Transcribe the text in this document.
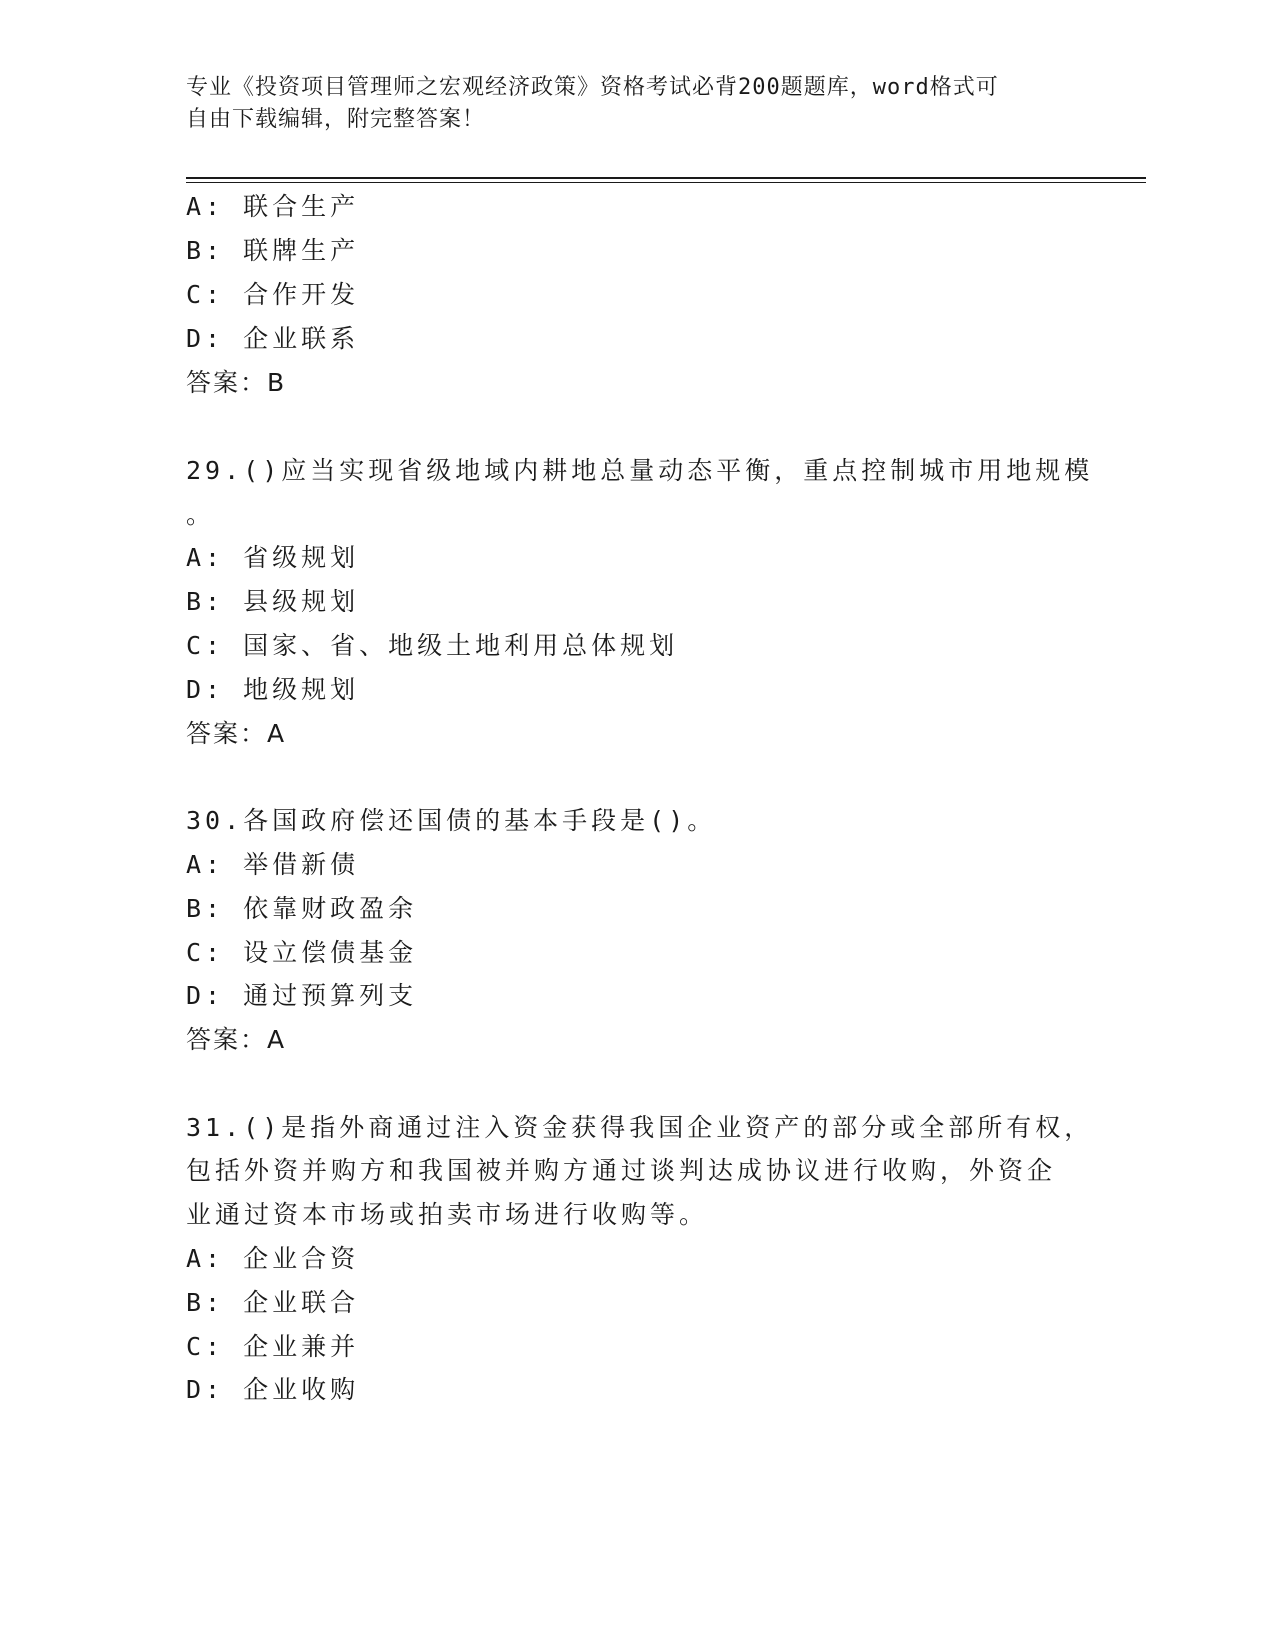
专业《投资项目管理师之宏观经济政策》资格考试必背200题题库，word格式可
自由下载编辑，附完整答案！
A: 联合生产
B: 联牌生产
C: 合作开发
D: 企业联系
答案：B
29.()应当实现省级地域内耕地总量动态平衡，重点控制城市用地规模
。
A: 省级规划
B: 县级规划
C: 国家、省、地级土地利用总体规划
D: 地级规划
答案：A
30.各国政府偿还国债的基本手段是()。
A: 举借新债
B: 依靠财政盈余
C: 设立偿债基金
D: 通过预算列支
答案：A
31.()是指外商通过注入资金获得我国企业资产的部分或全部所有权，
包括外资并购方和我国被并购方通过谈判达成协议进行收购，外资企
业通过资本市场或拍卖市场进行收购等。
A: 企业合资
B: 企业联合
C: 企业兼并
D: 企业收购
